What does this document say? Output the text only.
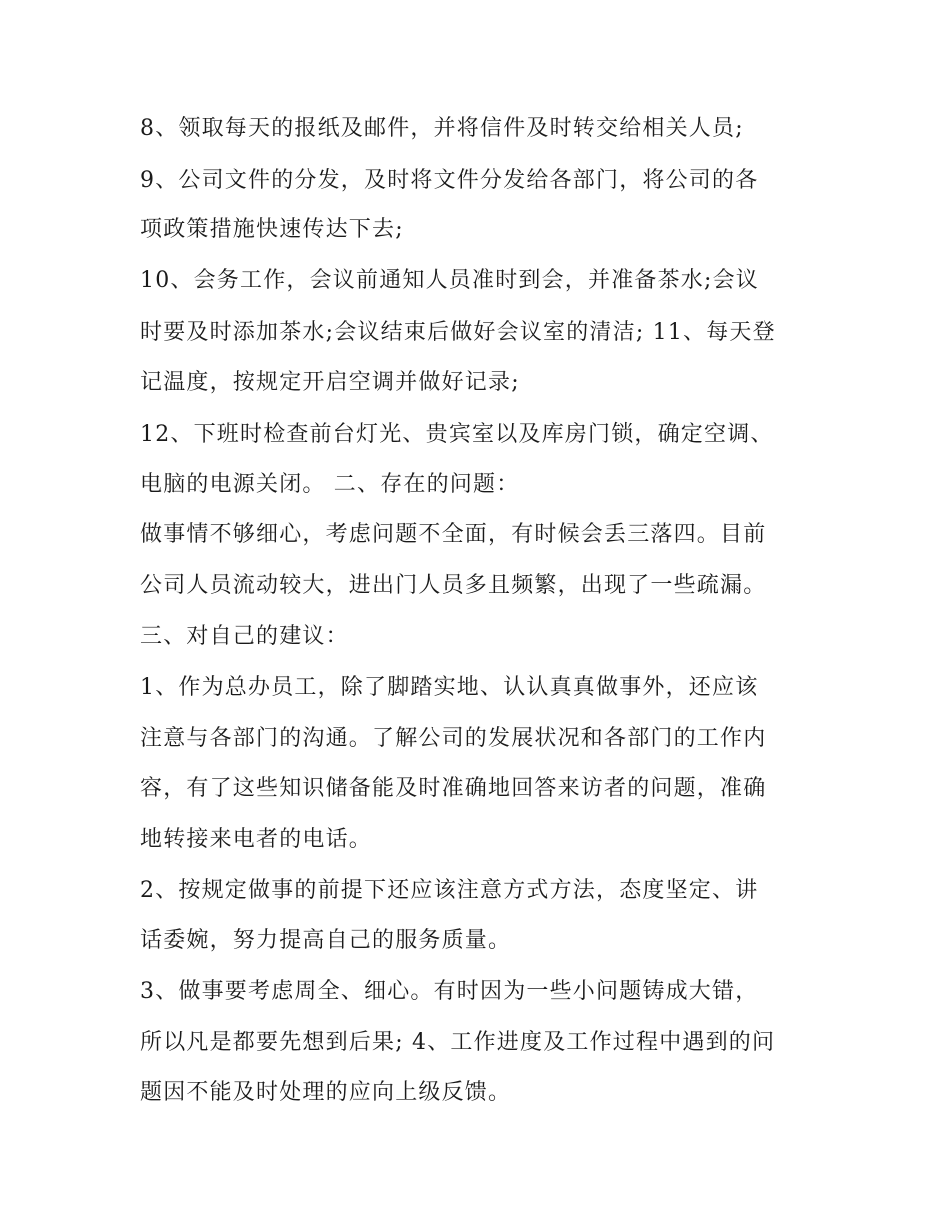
8、领取每天的报纸及邮件，并将信件及时转交给相关人员;
9、公司文件的分发，及时将文件分发给各部门，将公司的各
项政策措施快速传达下去;
10、会务工作，会议前通知人员准时到会，并准备茶水;会议
时要及时添加茶水;会议结束后做好会议室的清洁; 11、每天登
记温度，按规定开启空调并做好记录;
12、下班时检查前台灯光、贵宾室以及库房门锁，确定空调、
电脑的电源关闭。 二、存在的问题：
做事情不够细心，考虑问题不全面，有时候会丢三落四。目前
公司人员流动较大，进出门人员多且频繁，出现了一些疏漏。
三、对自己的建议：
1、作为总办员工，除了脚踏实地、认认真真做事外，还应该
注意与各部门的沟通。了解公司的发展状况和各部门的工作内
容，有了这些知识储备能及时准确地回答来访者的问题，准确
地转接来电者的电话。
2、按规定做事的前提下还应该注意方式方法，态度坚定、讲
话委婉，努力提高自己的服务质量。
3、做事要考虑周全、细心。有时因为一些小问题铸成大错，
所以凡是都要先想到后果; 4、工作进度及工作过程中遇到的问
题因不能及时处理的应向上级反馈。
